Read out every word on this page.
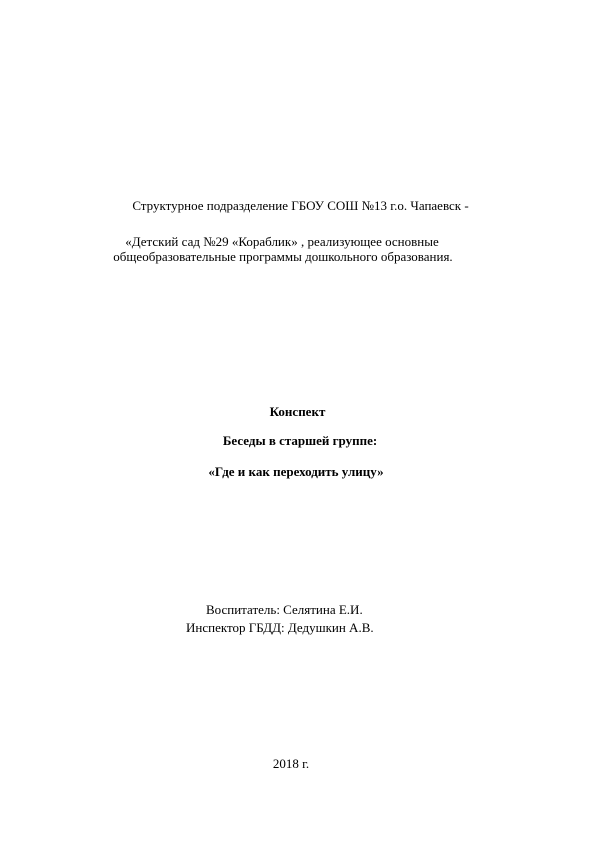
Структурное подразделение ГБОУ СОШ №13 г.о. Чапаевск -
«Детский сад №29 «Кораблик» , реализующее основные
общеобразовательные программы дошкольного образования.
Конспект
Беседы в старшей группе:
«Где и как переходить улицу»
Воспитатель: Селятина Е.И.
Инспектор ГБДД: Дедушкин А.В.
2018 г.
